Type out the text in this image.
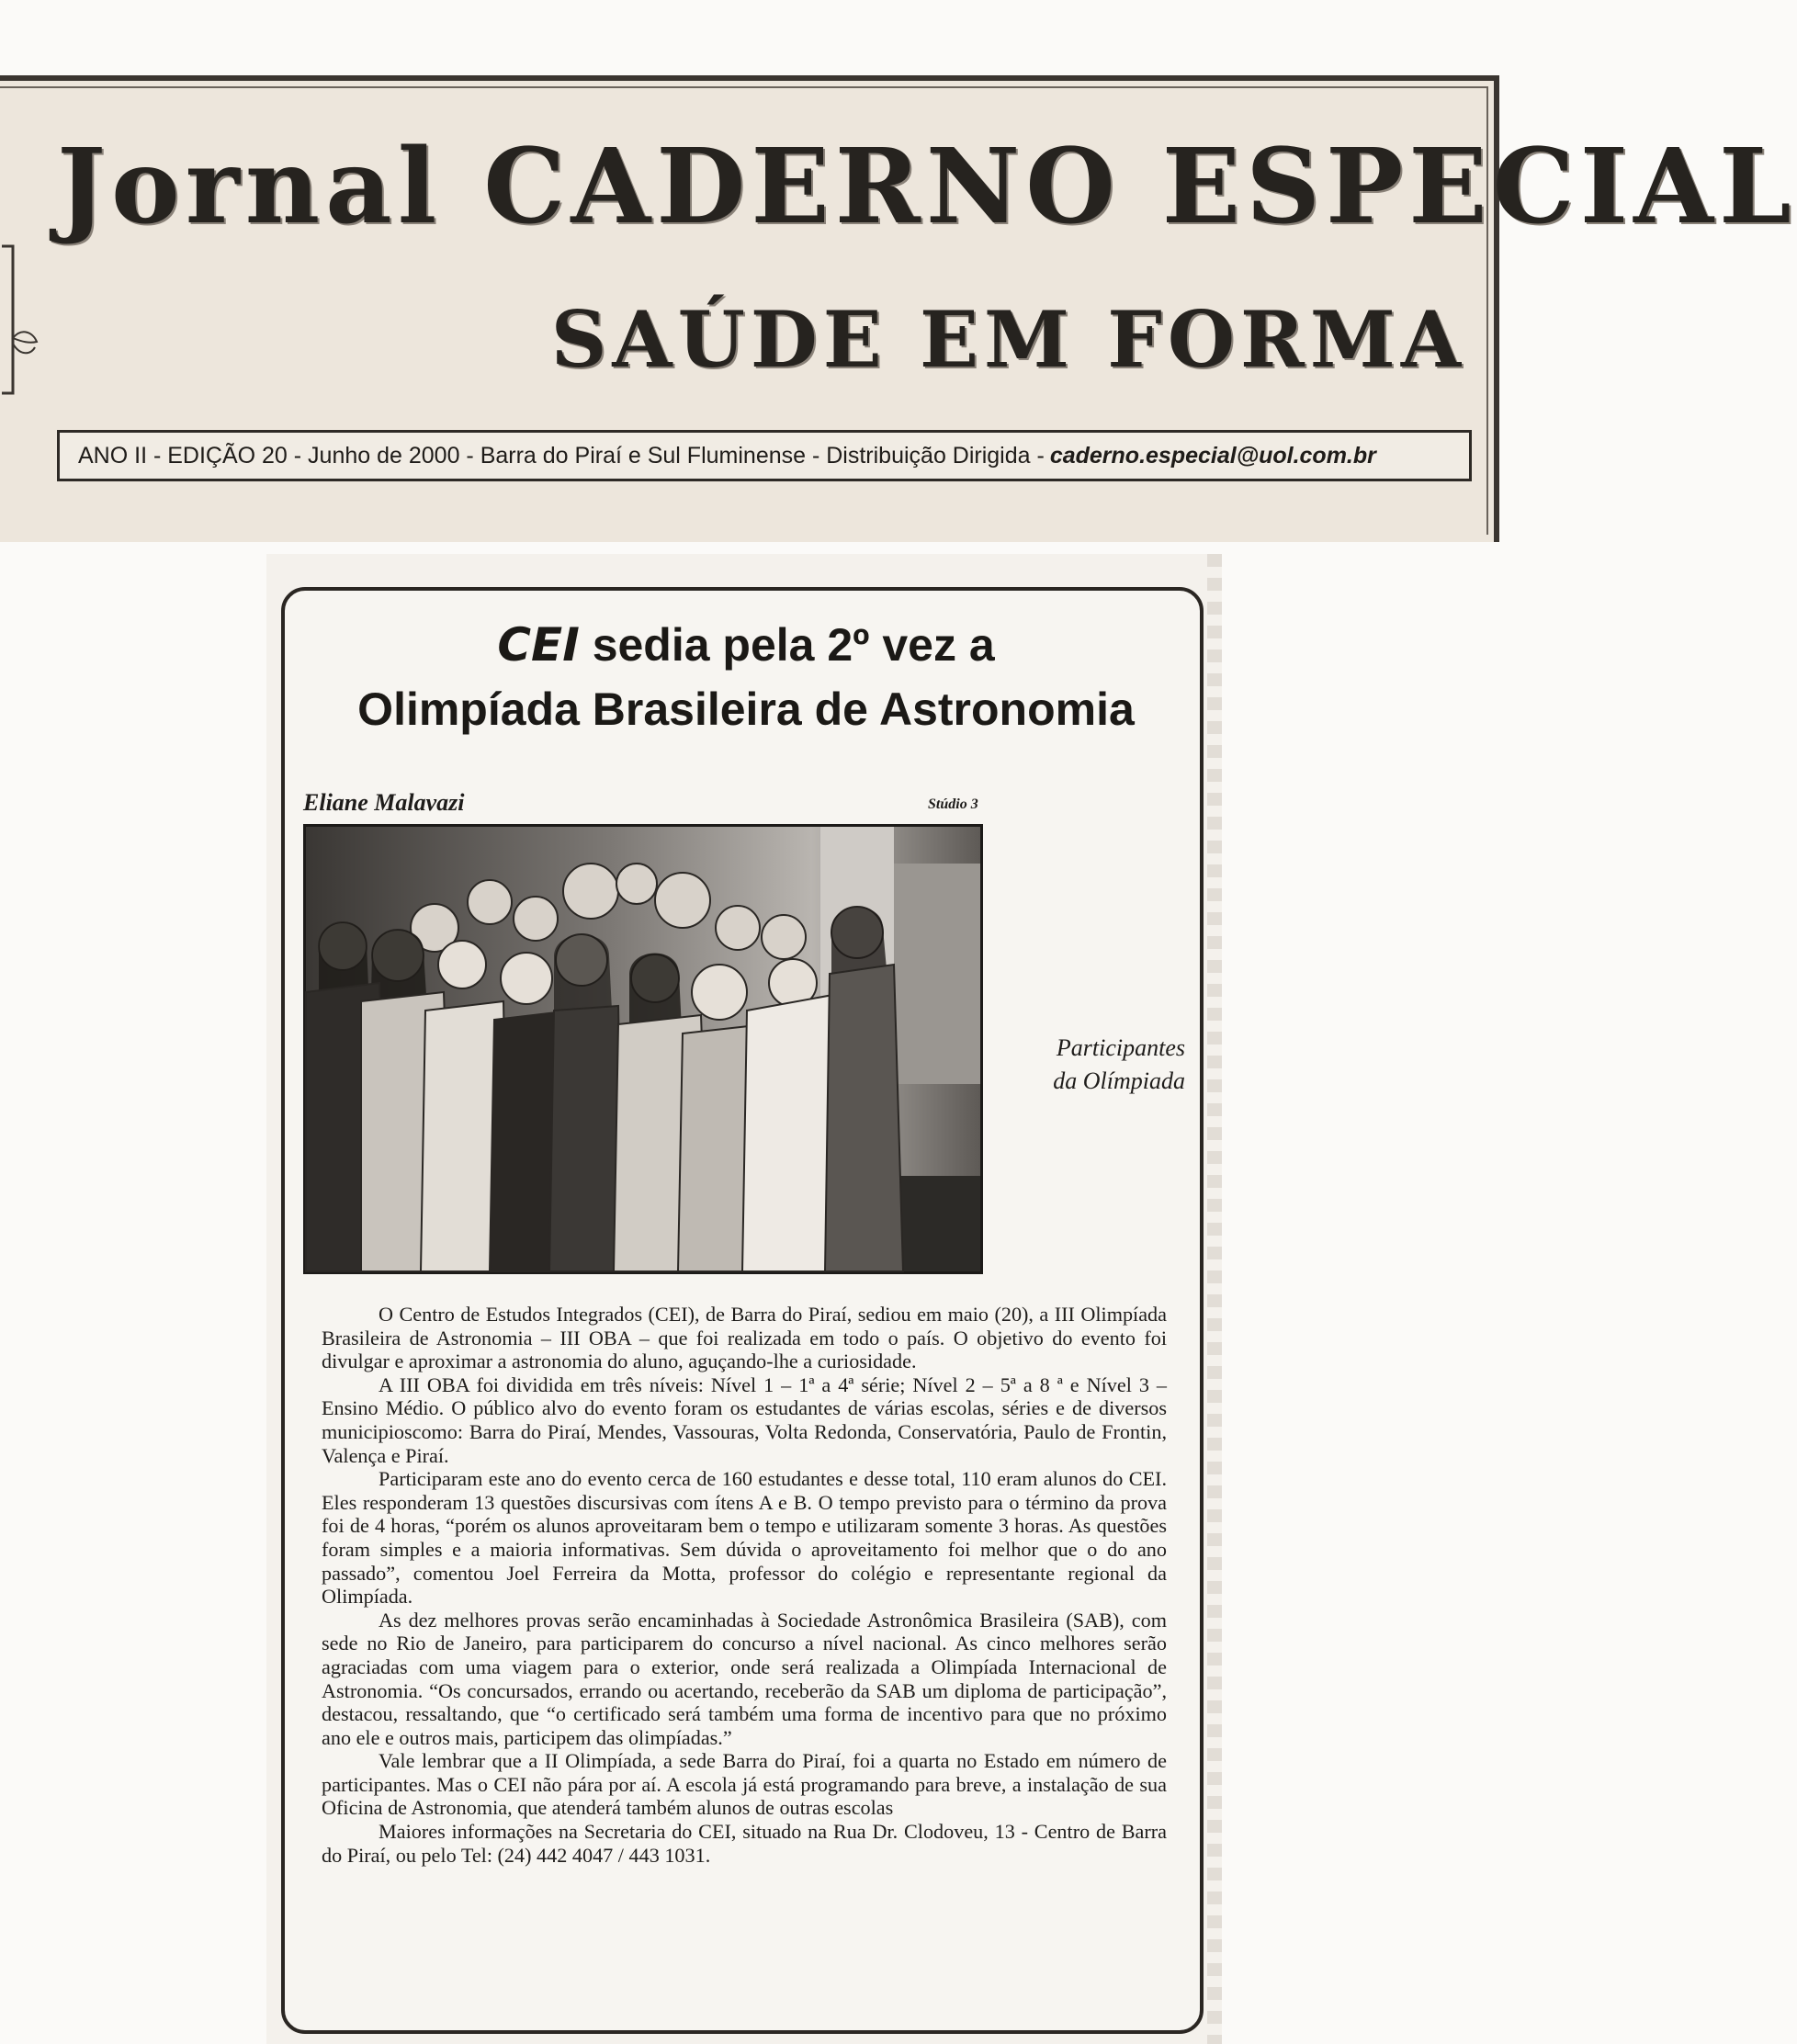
Jornal CADERNO ESPECIAL
SAÚDE EM FORMA
ANO II - EDIÇÃO 20 - Junho de 2000 - Barra do Piraí e Sul Fluminense - Distribuição Dirigida - caderno.especial@uol.com.br
CEI sedia pela 2º vez a
Olimpíada Brasileira de Astronomia
Eliane Malavazi	Stúdio 3
Participantes
da Olímpiada

O Centro de Estudos Integrados (CEI), de Barra do Piraí, sediou em maio (20), a III Olimpíada Brasileira de Astronomia – III OBA – que foi realizada em todo o país. O objetivo do evento foi divulgar e aproximar a astronomia do aluno, aguçando-lhe a curiosidade.

A III OBA foi dividida em três níveis: Nível 1 – 1ª a 4ª série; Nível 2 – 5ª a 8 ª e Nível 3 – Ensino Médio. O público alvo do evento foram os estudantes de várias escolas, séries e de diversos municipioscomo: Barra do Piraí, Mendes, Vassouras, Volta Redonda, Conservatória, Paulo de Frontin, Valença e Piraí.

Participaram este ano do evento cerca de 160 estudantes e desse total, 110 eram alunos do CEI. Eles responderam 13 questões discursivas com ítens A e B. O tempo previsto para o término da prova foi de 4 horas, “porém os alunos aproveitaram bem o tempo e utilizaram somente 3 horas. As questões foram simples e a maioria informativas. Sem dúvida o aproveitamento foi melhor que o do ano passado”, comentou Joel Ferreira da Motta, professor do colégio e representante regional da Olimpíada.

As dez melhores provas serão encaminhadas à Sociedade Astronômica Brasileira (SAB), com sede no Rio de Janeiro, para participarem do concurso a nível nacional. As cinco melhores serão agraciadas com uma viagem para o exterior, onde será realizada a Olimpíada Internacional de Astronomia. “Os concursados, errando ou acertando, receberão da SAB um diploma de participação”, destacou, ressaltando, que “o certificado será também uma forma de incentivo para que no próximo ano ele e outros mais, participem das olimpíadas.”

Vale lembrar que a II Olimpíada, a sede Barra do Piraí, foi a quarta no Estado em número de participantes. Mas o CEI não pára por aí. A escola já está programando para breve, a instalação de sua Oficina de Astronomia, que atenderá também alunos de outras escolas

Maiores informações na Secretaria do CEI, situado na Rua Dr. Clodoveu, 13 - Centro de Barra do Piraí, ou pelo Tel: (24) 442 4047 / 443 1031.
